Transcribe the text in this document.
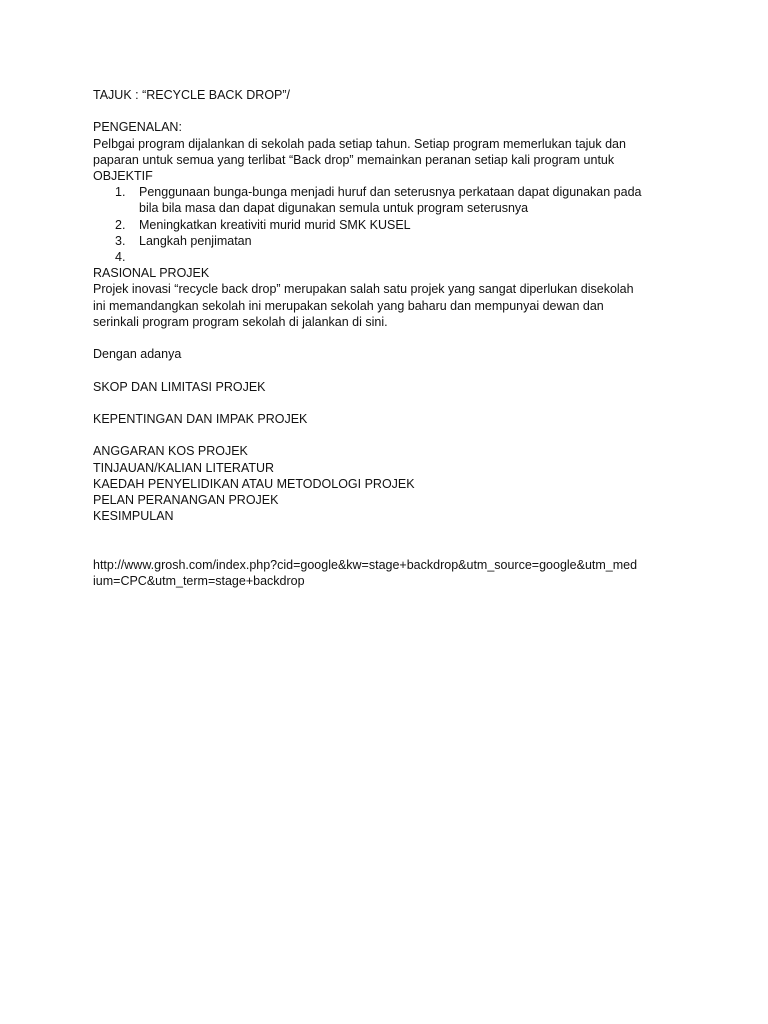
TAJUK : “RECYCLE BACK DROP”/
PENGENALAN:
Pelbgai program dijalankan di sekolah pada setiap tahun. Setiap program memerlukan tajuk dan
paparan untuk semua yang terlibat “Back drop” memainkan peranan setiap kali program untuk
OBJEKTIF
1. Penggunaan bunga-bunga menjadi huruf dan seterusnya perkataan dapat digunakan pada
bila bila masa dan dapat digunakan semula untuk program seterusnya
2. Meningkatkan kreativiti murid murid SMK KUSEL
3. Langkah penjimatan
4.
RASIONAL PROJEK
Projek inovasi “recycle back drop” merupakan salah satu projek yang sangat diperlukan disekolah
ini memandangkan sekolah ini merupakan sekolah yang baharu dan mempunyai dewan dan
serinkali program program sekolah di jalankan di sini.
Dengan adanya
SKOP DAN LIMITASI PROJEK
KEPENTINGAN DAN IMPAK PROJEK
ANGGARAN KOS PROJEK
TINJAUAN/KALIAN LITERATUR
KAEDAH PENYELIDIKAN ATAU METODOLOGI PROJEK
PELAN PERANANGAN PROJEK
KESIMPULAN
http://www.grosh.com/index.php?cid=google&kw=stage+backdrop&utm_source=google&utm_med
ium=CPC&utm_term=stage+backdrop
